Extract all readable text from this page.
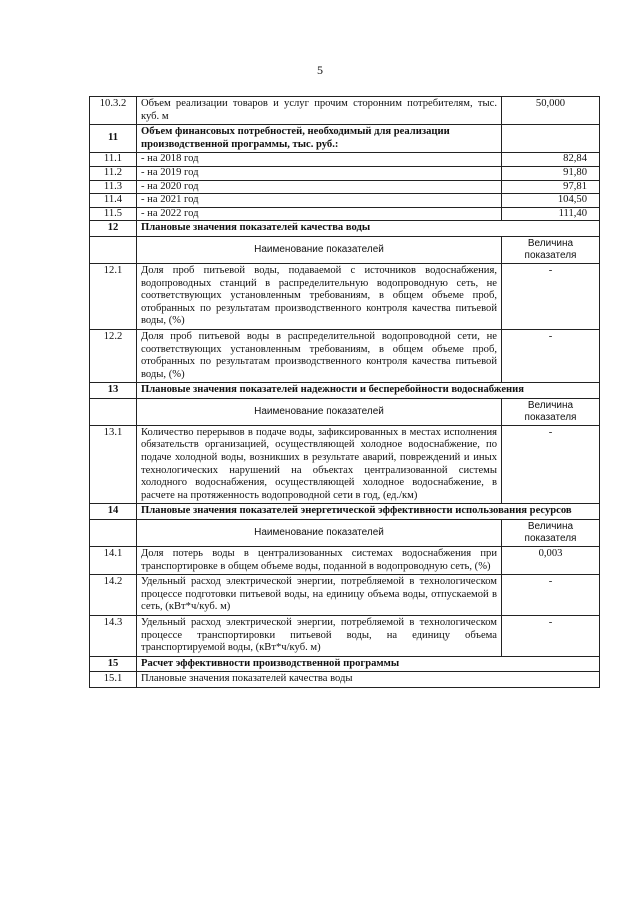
5
10.3.2	Объем реализации товаров и услуг прочим сторонним потребителям, тыс. куб. м	50,000
11	Объем финансовых потребностей, необходимый для реализации производственной программы, тыс. руб.:	
11.1	- на 2018 год	82,84
11.2	- на 2019 год	91,80
11.3	- на 2020 год	97,81
11.4	- на 2021 год	104,50
11.5	- на 2022 год	111,40
12	Плановые значения показателей качества воды	
	Наименование показателей	Величина показателя
12.1	Доля проб питьевой воды, подаваемой с источников водоснабжения, водопроводных станций в распределительную водопроводную сеть, не соответствующих установленным требованиям, в общем объеме проб, отобранных по результатам производственного контроля качества питьевой воды, (%)	-
12.2	Доля проб питьевой воды в распределительной водопроводной сети, не соответствующих установленным требованиям, в общем объеме проб, отобранных по результатам производственного контроля качества питьевой воды, (%)	-
13	Плановые значения показателей надежности и бесперебойности водоснабжения	
	Наименование показателей	Величина показателя
13.1	Количество перерывов в подаче воды, зафиксированных в местах исполнения обязательств организацией, осуществляющей холодное водоснабжение, по подаче холодной воды, возникших в результате аварий, повреждений и иных технологических нарушений на объектах централизованной системы холодного водоснабжения, осуществляющей холодное водоснабжение, в расчете на протяженность водопроводной сети в год, (ед./км)	-
14	Плановые значения показателей энергетической эффективности использования ресурсов	
	Наименование показателей	Величина показателя
14.1	Доля потерь воды в централизованных системах водоснабжения при транспортировке в общем объеме воды, поданной в водопроводную сеть, (%)	0,003
14.2	Удельный расход электрической энергии, потребляемой в технологическом процессе подготовки питьевой воды, на единицу объема воды, отпускаемой в сеть, (кВт*ч/куб. м)	-
14.3	Удельный расход электрической энергии, потребляемой в технологическом процессе транспортировки питьевой воды, на единицу объема транспортируемой воды, (кВт*ч/куб. м)	-
15	Расчет эффективности производственной программы	
15.1	Плановые значения показателей качества воды	
